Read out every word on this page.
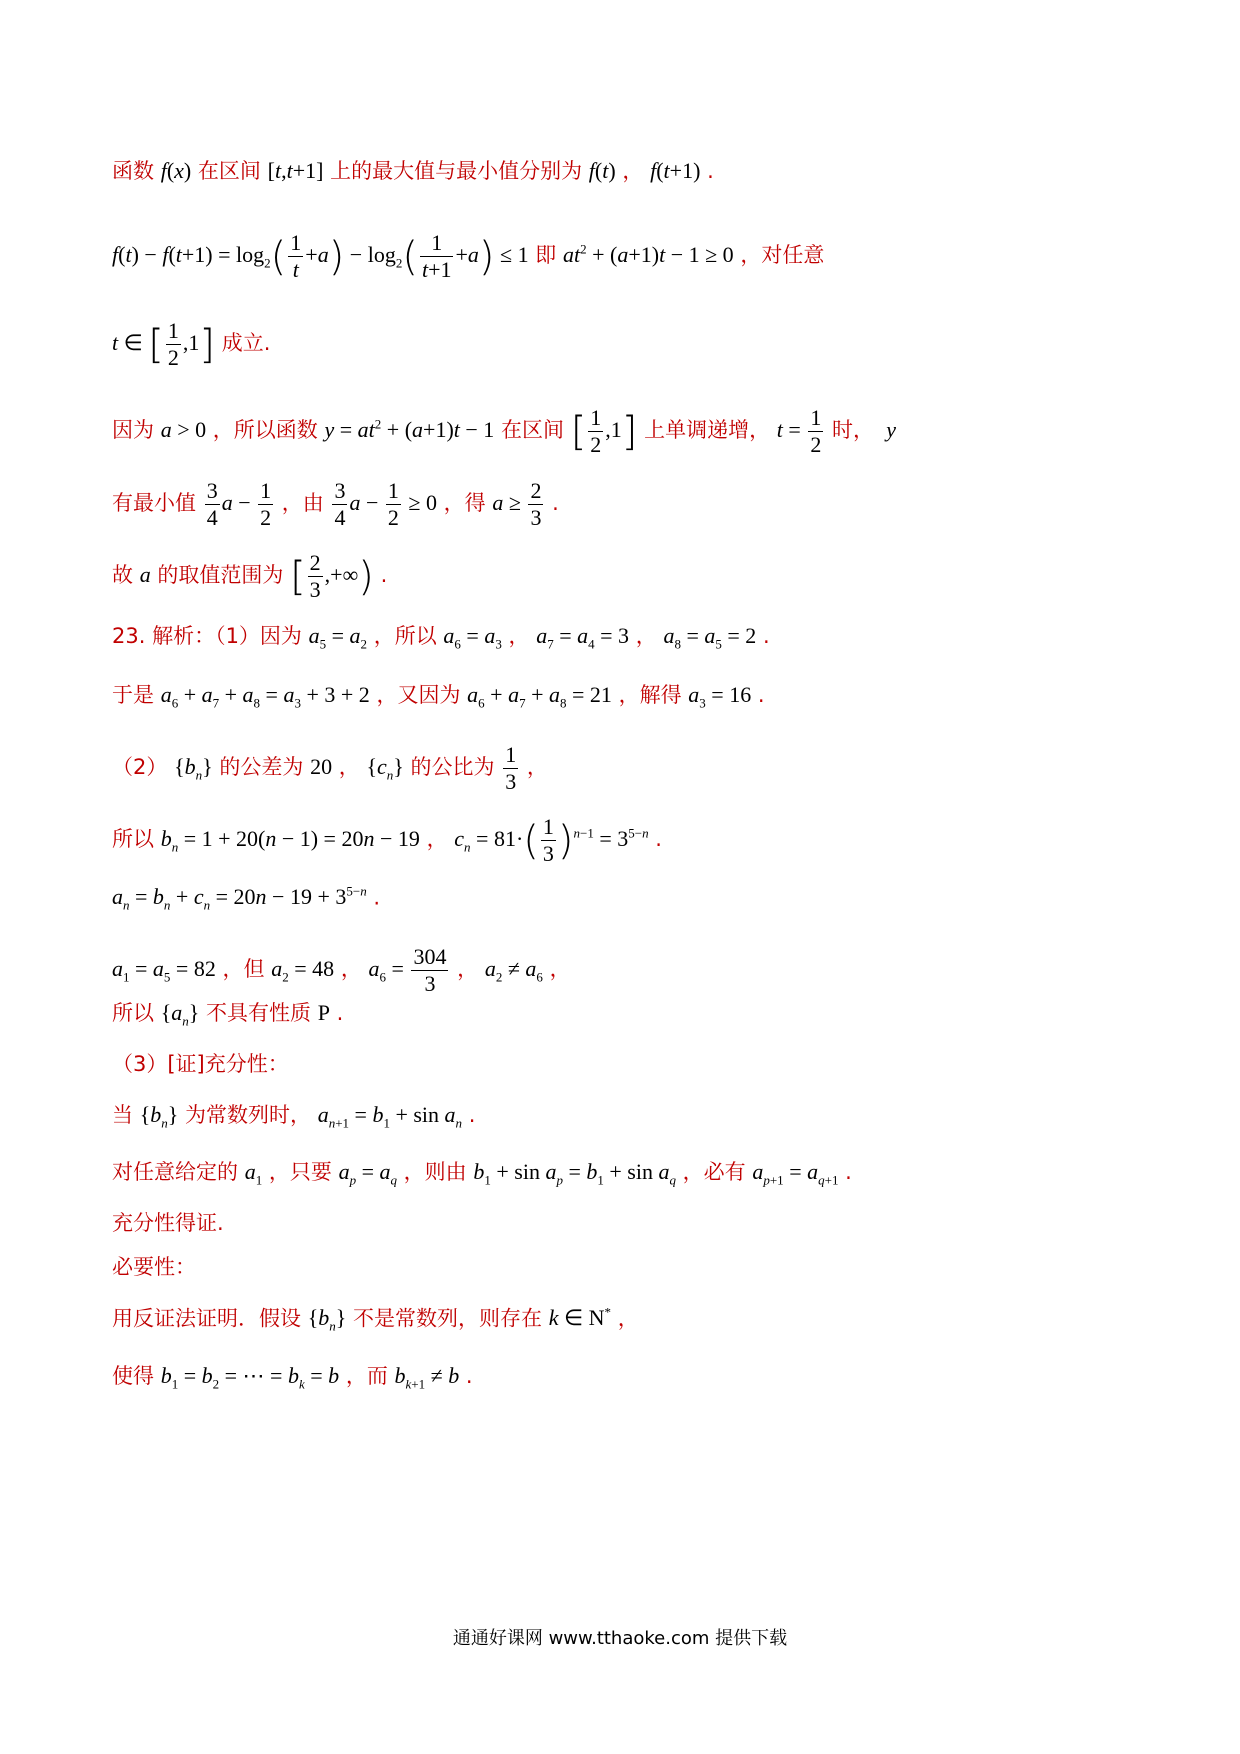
函数 f(x) 在区间 [t,t+1] 上的最大值与最小值分别为 f(t) ， f(t+1) .
$f(t) - f(t+1) = \log_2( \frac{1}{t} +a) - \log_2( \frac{1}{t+1} +a) \le 1$ 即 $at^2 + (a+1)t - 1 \ge 0$ ，对任意
t ∈ [ $\frac{1}{2} ,1$] 成立.
因为 a > 0 ，所以函数 $y = at^2 + (a+1)t - 1$ 在区间 [ $\frac{1}{2} ,1$] 上单调递增， $t = \frac{1}{2}$ 时， y
有最小值 $\frac{3}{4}$ $a - \frac{1}{2}$ ，由 $\frac{3}{4}$ $a - \frac{1}{2} \ge 0$ ，得 $a \ge \frac{2}{3}$ .
故 a 的取值范围为 [ $\frac{2}{3}$ ,+∞) .
23. 解析：（1）因为 $a_5 = a_2$ ，所以 $a_6 = a_3$ ， $a_7 = a_4 = 3$ ， $a_8 = a_5 = 2$ .
于是 $a_6 + a_7 + a_8 = a_3 + 3 + 2$ ，又因为 $a_6 + a_7 + a_8 = 21$ ，解得 $a_3 = 16$ .
（2） $\{b_n\}$ 的公差为 20 ， $\{c_n\}$ 的公比为 $\frac{1}{3}$ ，
所以 $b_n = 1 + 20(n - 1) = 20n - 19$ ， $c_n = 81\cdot( \frac{1}{3} )^{n-1} = 3^{5-n}$ .
$a_n = b_n + c_n = 20n - 19 + 3^{5-n}$ .
$a_1 = a_5 = 82$ ，但 $a_2 = 48$ ， $a_6 = \frac{304}{3}$ ， $a_2 \ne a_6$ ，
所以 $\{a_n\}$ 不具有性质 P .
（3）[证]充分性：
当 $\{b_n\}$ 为常数列时， $a_{n+1} = b_1 + \sin a_n$ .
对任意给定的 $a_1$ ，只要 $a_p = a_q$ ，则由 $b_1 + \sin a_p = b_1 + \sin a_q$ ，必有 $a_{p+1} = a_{q+1}$ .
充分性得证.
必要性：
用反证法证明．假设 $\{b_n\}$ 不是常数列，则存在 k ∈ N* ，
使得 $b_1 = b_2$ = ⋯ = $b_k = b$ ，而 $b_{k+1} \ne b$ .
通通好课网 www.tthaoke.com 提供下载
